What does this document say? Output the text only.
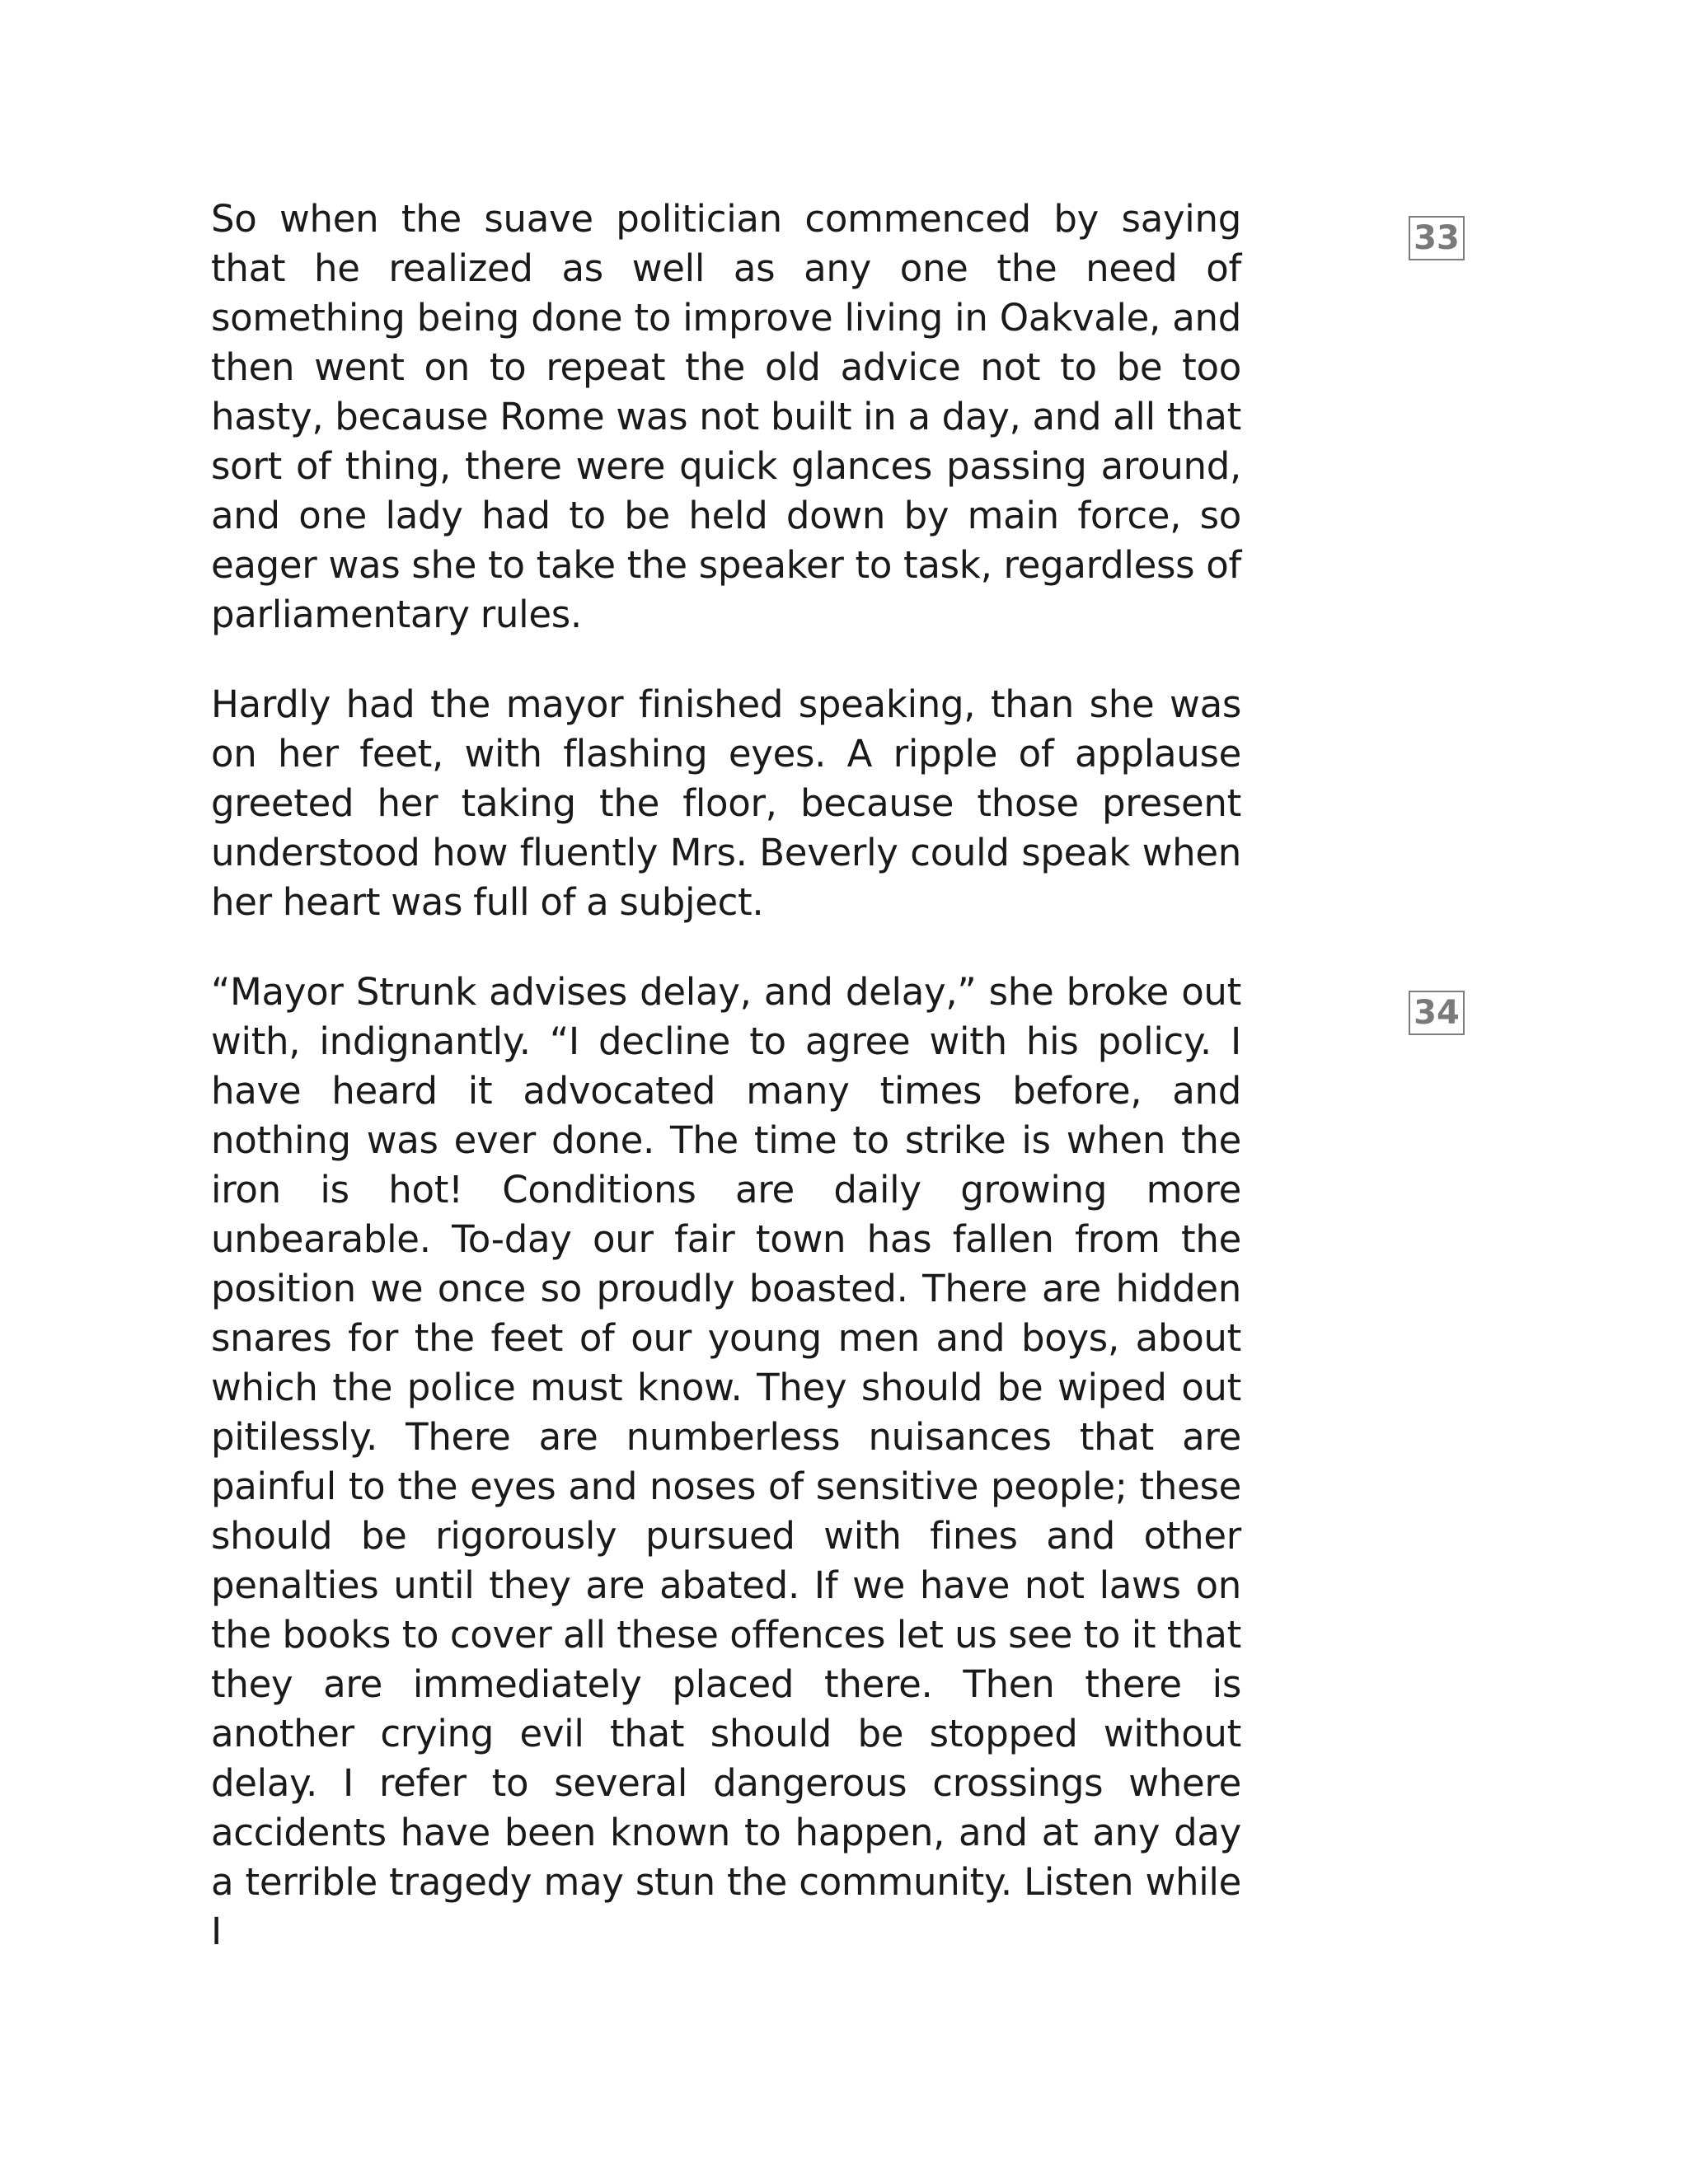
So when the suave politician commenced by saying that he realized as well as any one the need of something being done to improve living in Oakvale, and then went on to repeat the old advice not to be too hasty, because Rome was not built in a day, and all that sort of thing, there were quick glances passing around, and one lady had to be held down by main force, so eager was she to take the speaker to task, regardless of parliamentary rules.

Hardly had the mayor finished speaking, than she was on her feet, with flashing eyes. A ripple of applause greeted her taking the floor, because those present understood how fluently Mrs. Beverly could speak when her heart was full of a subject.

“Mayor Strunk advises delay, and delay,” she broke out with, indignantly. “I decline to agree with his policy. I have heard it advocated many times before, and nothing was ever done. The time to strike is when the iron is hot! Conditions are daily growing more unbearable. To-day our fair town has fallen from the position we once so proudly boasted. There are hidden snares for the feet of our young men and boys, about which the police must know. They should be wiped out pitilessly. There are numberless nuisances that are painful to the eyes and noses of sensitive people; these should be rigorously pursued with fines and other penalties until they are abated. If we have not laws on the books to cover all these offences let us see to it that they are immediately placed there. Then there is another crying evil that should be stopped without delay. I refer to several dangerous crossings where accidents have been known to happen, and at any day a terrible tragedy may stun the community. Listen while I

33
34
